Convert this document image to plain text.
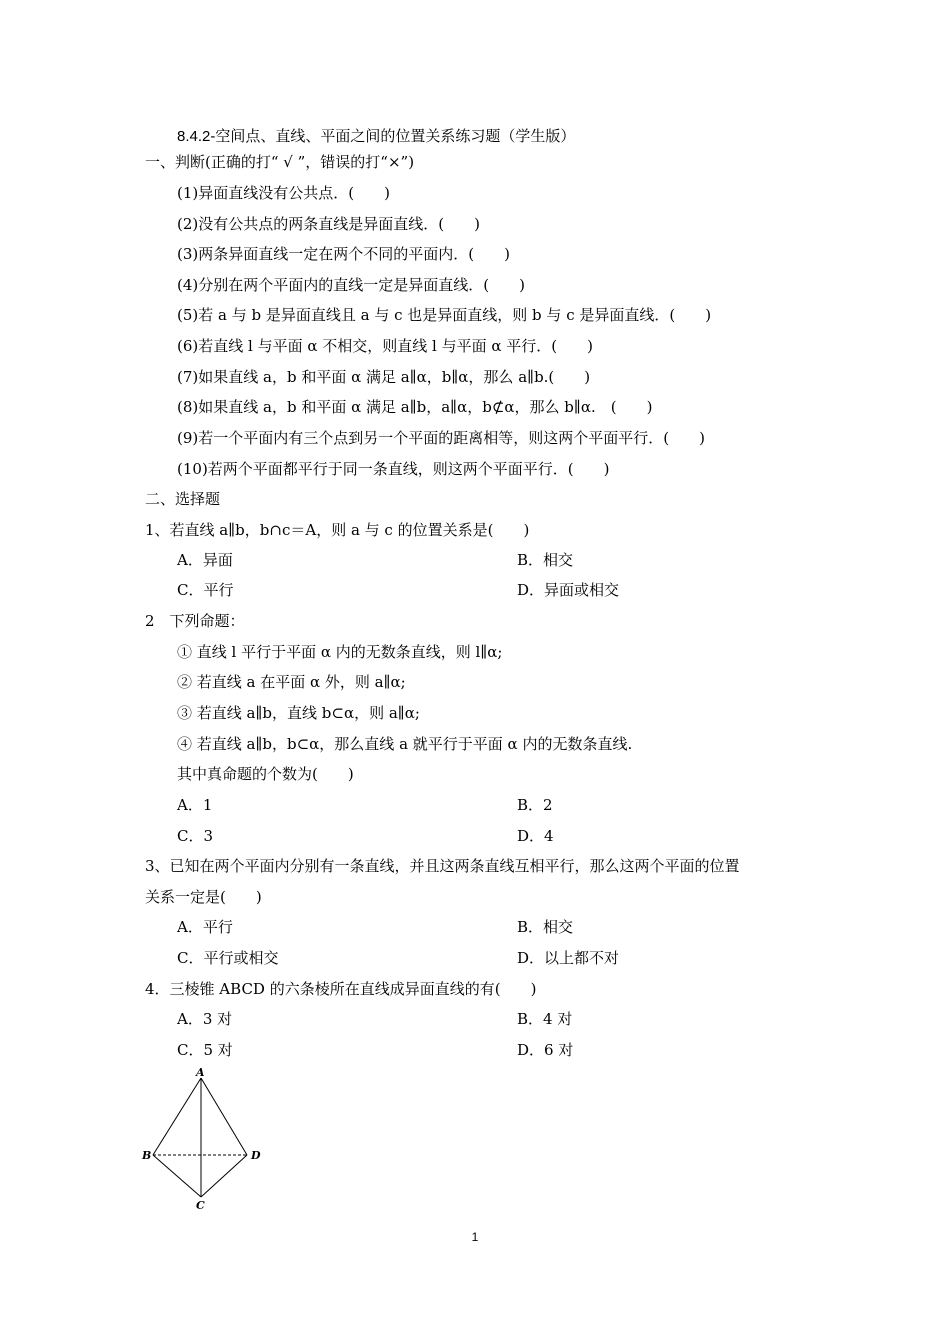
8.4.2-空间点、直线、平面之间的位置关系练习题（学生版）
一、判断(正确的打“ √ ”，错误的打“×”)
(1)异面直线没有公共点．(　　)
(2)没有公共点的两条直线是异面直线．(　　)
(3)两条异面直线一定在两个不同的平面内．(　　)
(4)分别在两个平面内的直线一定是异面直线．(　　)
(5)若 a 与 b 是异面直线且 a 与 c 也是异面直线，则 b 与 c 是异面直线．(　　)
(6)若直线 l 与平面 α 不相交，则直线 l 与平面 α 平行．(　　)
(7)如果直线 a，b 和平面 α 满足 a∥α，b∥α，那么 a∥b.(　　)
(8)如果直线 a，b 和平面 α 满足 a∥b，a∥α，b⊄α，那么 b∥α.　(　　)
(9)若一个平面内有三个点到另一个平面的距离相等，则这两个平面平行．(　　)
(10)若两个平面都平行于同一条直线，则这两个平面平行．(　　)
二、选择题
1、若直线 a∥b，b∩c＝A，则 a 与 c 的位置关系是(　　)
A．异面	B．相交
C．平行	D．异面或相交
2　下列命题：
① 直线 l 平行于平面 α 内的无数条直线，则 l∥α;
② 若直线 a 在平面 α 外，则 a∥α;
③ 若直线 a∥b，直线 b⊂α，则 a∥α;
④ 若直线 a∥b，b⊂α，那么直线 a 就平行于平面 α 内的无数条直线.
其中真命题的个数为(　　)
A．1	B．2
C．3	D．4
3、已知在两个平面内分别有一条直线，并且这两条直线互相平行，那么这两个平面的位置
关系一定是(　　)
A．平行	B．相交
C．平行或相交	D．以上都不对
4．三棱锥 ABCD 的六条棱所在直线成异面直线的有(　　)
A．3 对	B．4 对
C．5 对	D．6 对
A
B
C
D
1
